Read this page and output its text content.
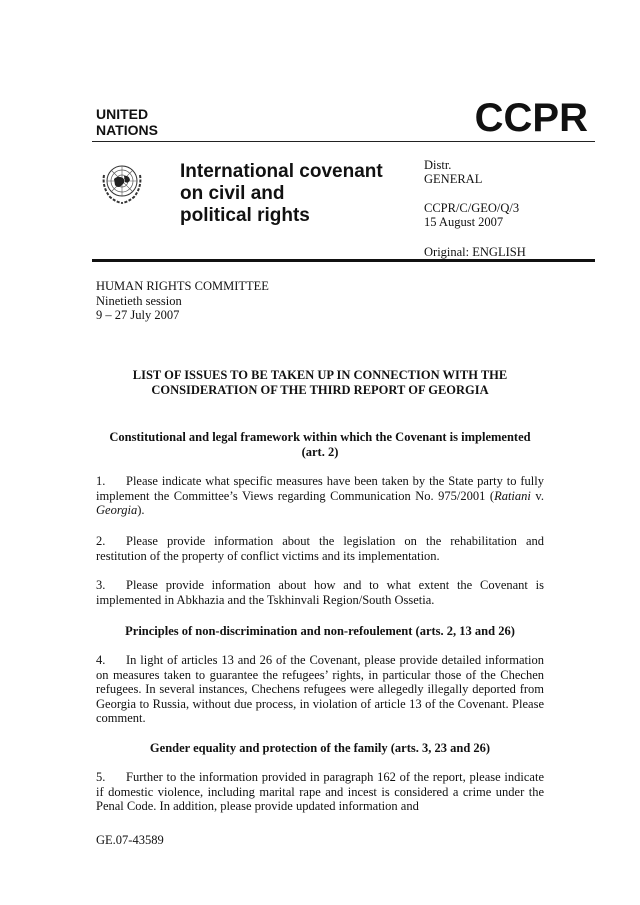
UNITED
NATIONS	CCPR
International covenant
on civil and
political rights
Distr.
GENERAL
CCPR/C/GEO/Q/3
15 August 2007
Original: ENGLISH
HUMAN RIGHTS COMMITTEE
Ninetieth session
9 – 27 July 2007
LIST OF ISSUES TO BE TAKEN UP IN CONNECTION WITH THE
CONSIDERATION OF THE THIRD REPORT OF GEORGIA
Constitutional and legal framework within which the Covenant is implemented
(art. 2)
1. Please indicate what specific measures have been taken by the State party to fully implement the Committee’s Views regarding Communication No. 975/2001 (Ratiani v. Georgia).
2. Please provide information about the legislation on the rehabilitation and restitution of the property of conflict victims and its implementation.
3. Please provide information about how and to what extent the Covenant is implemented in Abkhazia and the Tskhinvali Region/South Ossetia.
Principles of non-discrimination and non-refoulement (arts. 2, 13 and 26)
4. In light of articles 13 and 26 of the Covenant, please provide detailed information on measures taken to guarantee the refugees’ rights, in particular those of the Chechen refugees. In several instances, Chechens refugees were allegedly illegally deported from Georgia to Russia, without due process, in violation of article 13 of the Covenant. Please comment.
Gender equality and protection of the family (arts. 3, 23 and 26)
5. Further to the information provided in paragraph 162 of the report, please indicate if domestic violence, including marital rape and incest is considered a crime under the Penal Code. In addition, please provide updated information and
GE.07-43589
